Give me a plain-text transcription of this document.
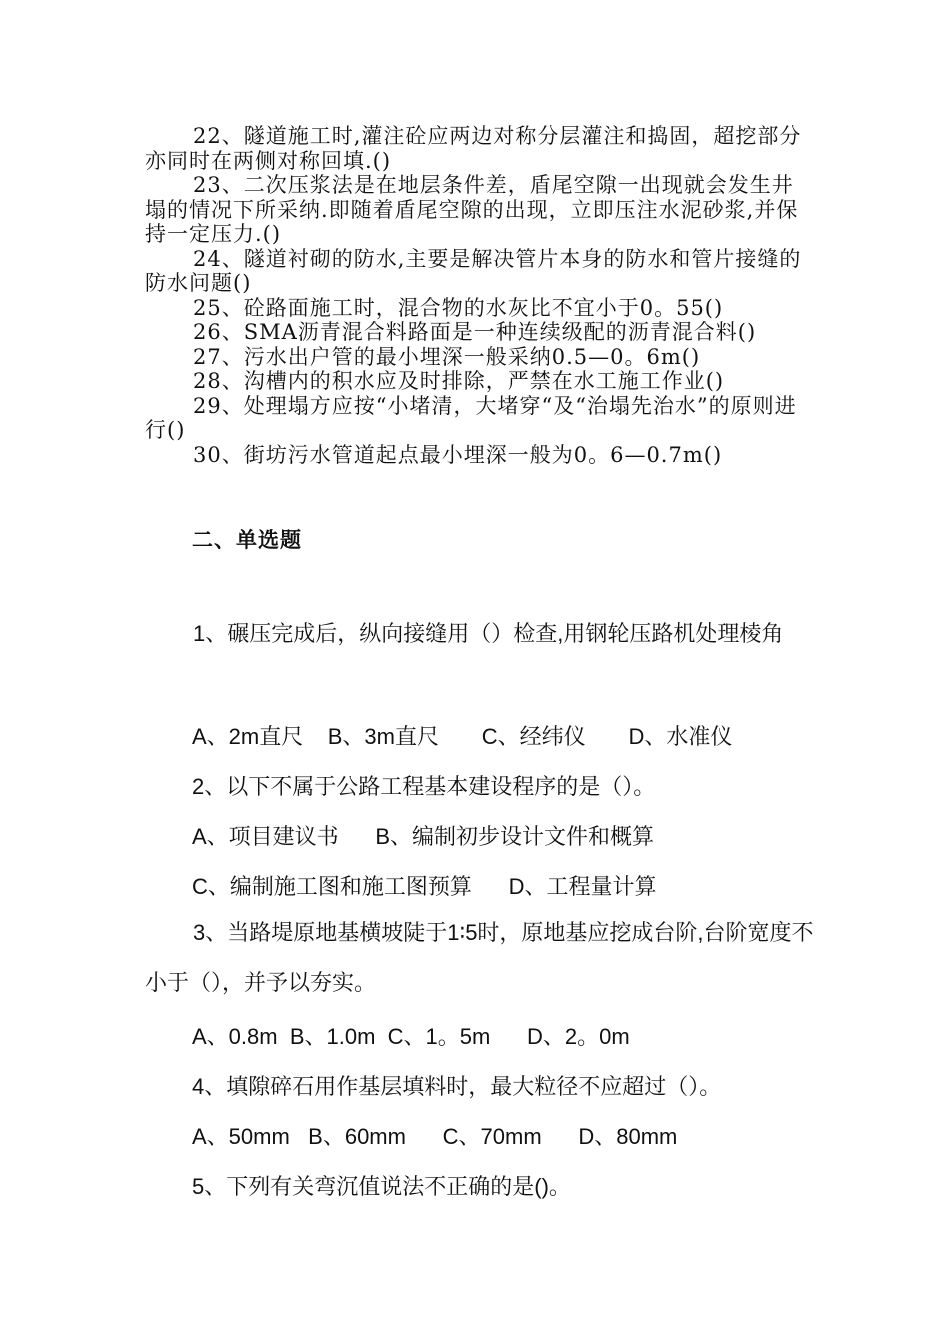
22、隧道施工时,灌注砼应两边对称分层灌注和捣固，超挖部分亦同时在两侧对称回填.()

23、二次压浆法是在地层条件差，盾尾空隙一出现就会发生井塌的情况下所采纳.即随着盾尾空隙的出现，立即压注水泥砂浆,并保持一定压力.()

24、隧道衬砌的防水,主要是解决管片本身的防水和管片接缝的防水问题()

25、砼路面施工时，混合物的水灰比不宜小于0。55()

26、SMA沥青混合料路面是一种连续级配的沥青混合料()

27、污水出户管的最小埋深一般采纳0.5—0。6m()

28、沟槽内的积水应及时排除，严禁在水工施工作业()

29、处理塌方应按“小堵清，大堵穿“及“治塌先治水”的原则进行()

30、街坊污水管道起点最小埋深一般为0。6—0.7m()

二、单选题

1、碾压完成后，纵向接缝用（）检查,用钢轮压路机处理棱角

A、2m直尺 B、3m直尺 C、经纬仪 D、水准仪
2、以下不属于公路工程基本建设程序的是（）。
A、项目建议书 B、编制初步设计文件和概算
C、编制施工图和施工图预算 D、工程量计算

3、当路堤原地基横坡陡于1∶5时，原地基应挖成台阶,台阶宽度不小于（），并予以夯实。

A、0.8m B、1.0m C、1。5m D、2。0m
4、填隙碎石用作基层填料时，最大粒径不应超过（）。
A、50mm B、60mm C、70mm D、80mm
5、下列有关弯沉值说法不正确的是()。
